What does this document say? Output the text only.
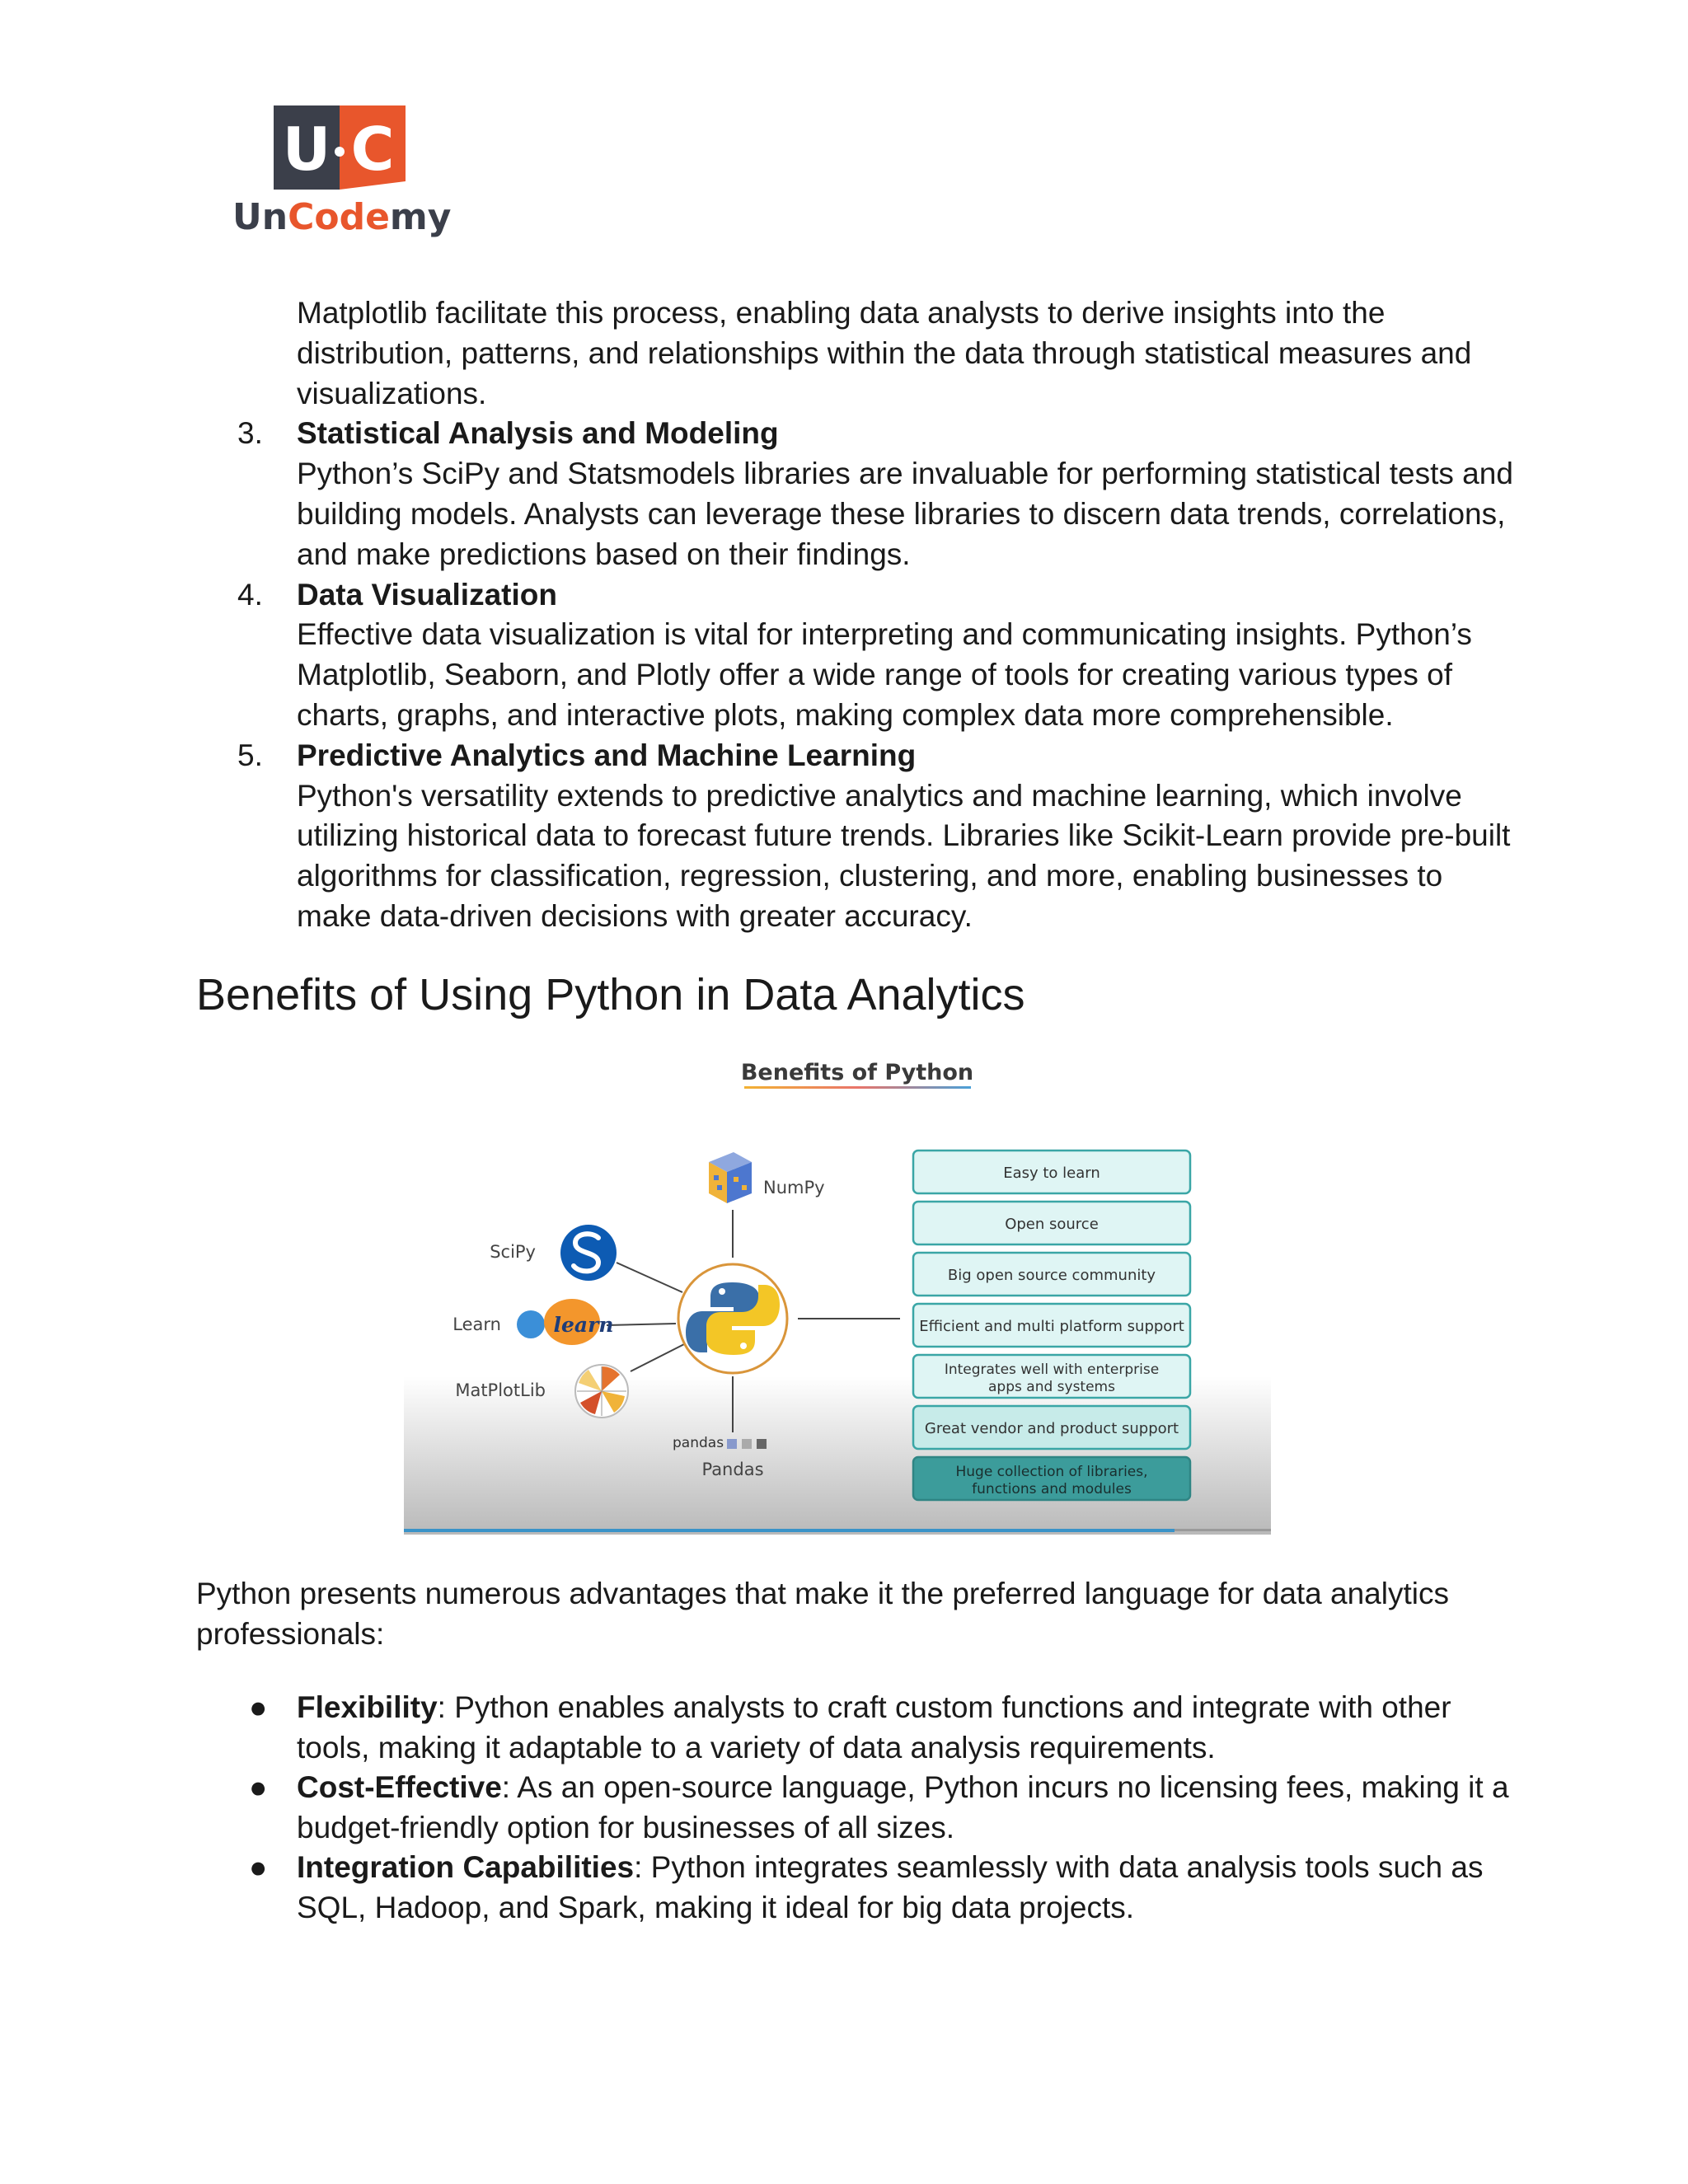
U C
UnCodemy
Matplotlib facilitate this process, enabling data analysts to derive insights into the distribution, patterns, and relationships within the data through statistical measures and visualizations.
3. Statistical Analysis and Modeling
Python’s SciPy and Statsmodels libraries are invaluable for performing statistical tests and building models. Analysts can leverage these libraries to discern data trends, correlations, and make predictions based on their findings.
4. Data Visualization
Effective data visualization is vital for interpreting and communicating insights. Python’s Matplotlib, Seaborn, and Plotly offer a wide range of tools for creating various types of charts, graphs, and interactive plots, making complex data more comprehensible.
5. Predictive Analytics and Machine Learning
Python's versatility extends to predictive analytics and machine learning, which involve utilizing historical data to forecast future trends. Libraries like Scikit-Learn provide pre-built algorithms for classification, regression, clustering, and more, enabling businesses to make data-driven decisions with greater accuracy.
Benefits of Using Python in Data Analytics
Benefits of Python
NumPy
SciPy
learn
Learn
MatPlotLib
pandas
Pandas
Easy to learn
Open source
Big open source community
Efficient and multi platform support
Integrates well with enterprise
apps and systems
Great vendor and product support
Huge collection of libraries,
functions and modules

Python presents numerous advantages that make it the preferred language for data analytics professionals:

● Flexibility: Python enables analysts to craft custom functions and integrate with other tools, making it adaptable to a variety of data analysis requirements.
● Cost-Effective: As an open-source language, Python incurs no licensing fees, making it a budget-friendly option for businesses of all sizes.
● Integration Capabilities: Python integrates seamlessly with data analysis tools such as SQL, Hadoop, and Spark, making it ideal for big data projects.
